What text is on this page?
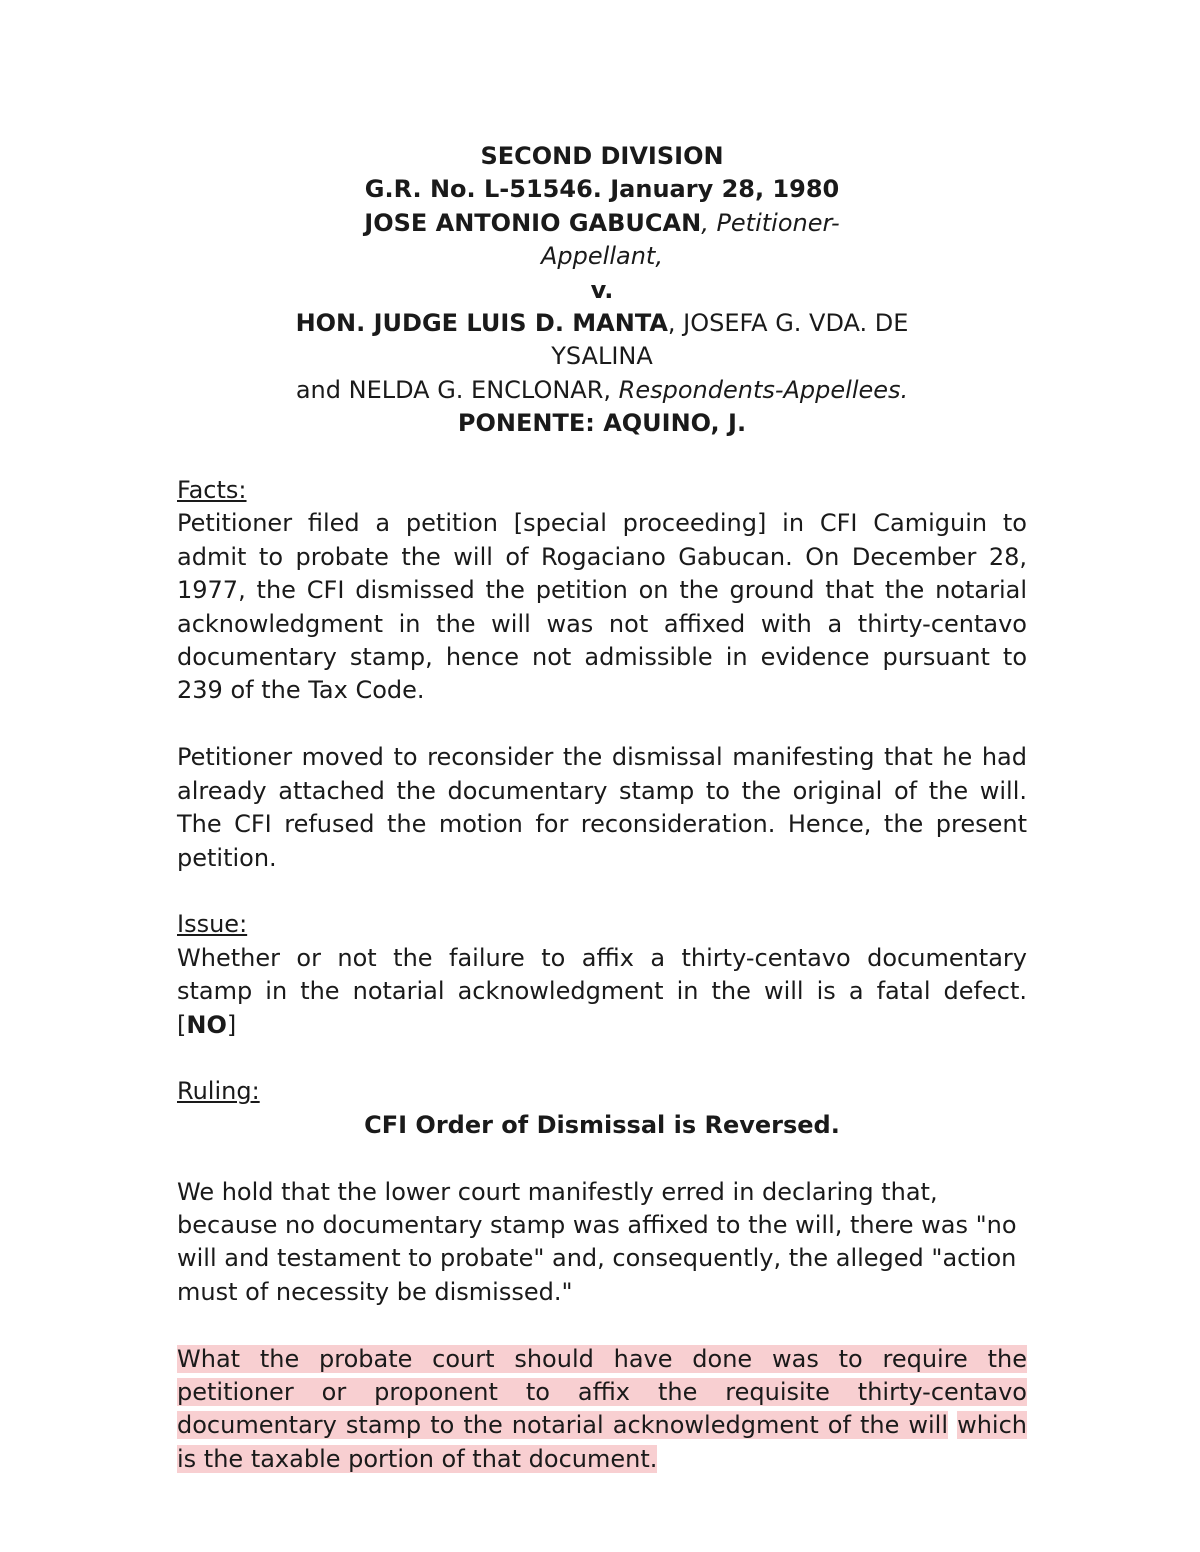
SECOND DIVISION
G.R. No. L-51546. January 28, 1980
JOSE ANTONIO GABUCAN, Petitioner-
Appellant,
v.
HON. JUDGE LUIS D. MANTA, JOSEFA G. VDA. DE
YSALINA
and NELDA G. ENCLONAR, Respondents-Appellees.
PONENTE: AQUINO, J.
Facts:

Petitioner filed a petition [special proceeding] in CFI Camiguin to admit to probate the will of Rogaciano Gabucan. On December 28, 1977, the CFI dismissed the petition on the ground that the notarial acknowledgment in the will was not affixed with a thirty-centavo documentary stamp, hence not admissible in evidence pursuant to 239 of the Tax Code.

Petitioner moved to reconsider the dismissal manifesting that he had already attached the documentary stamp to the original of the will. The CFI refused the motion for reconsideration. Hence, the present petition.

Issue:

Whether or not the failure to affix a thirty-centavo documentary stamp in the notarial acknowledgment in the will is a fatal defect. [NO]

Ruling:

CFI Order of Dismissal is Reversed.

We hold that the lower court manifestly erred in declaring that, because no documentary stamp was affixed to the will, there was "no will and testament to probate" and, consequently, the alleged "action must of necessity be dismissed."

What the probate court should have done was to require the petitioner or proponent to affix the requisite thirty-centavo documentary stamp to the notarial acknowledgment of the will which is the taxable portion of that document.
